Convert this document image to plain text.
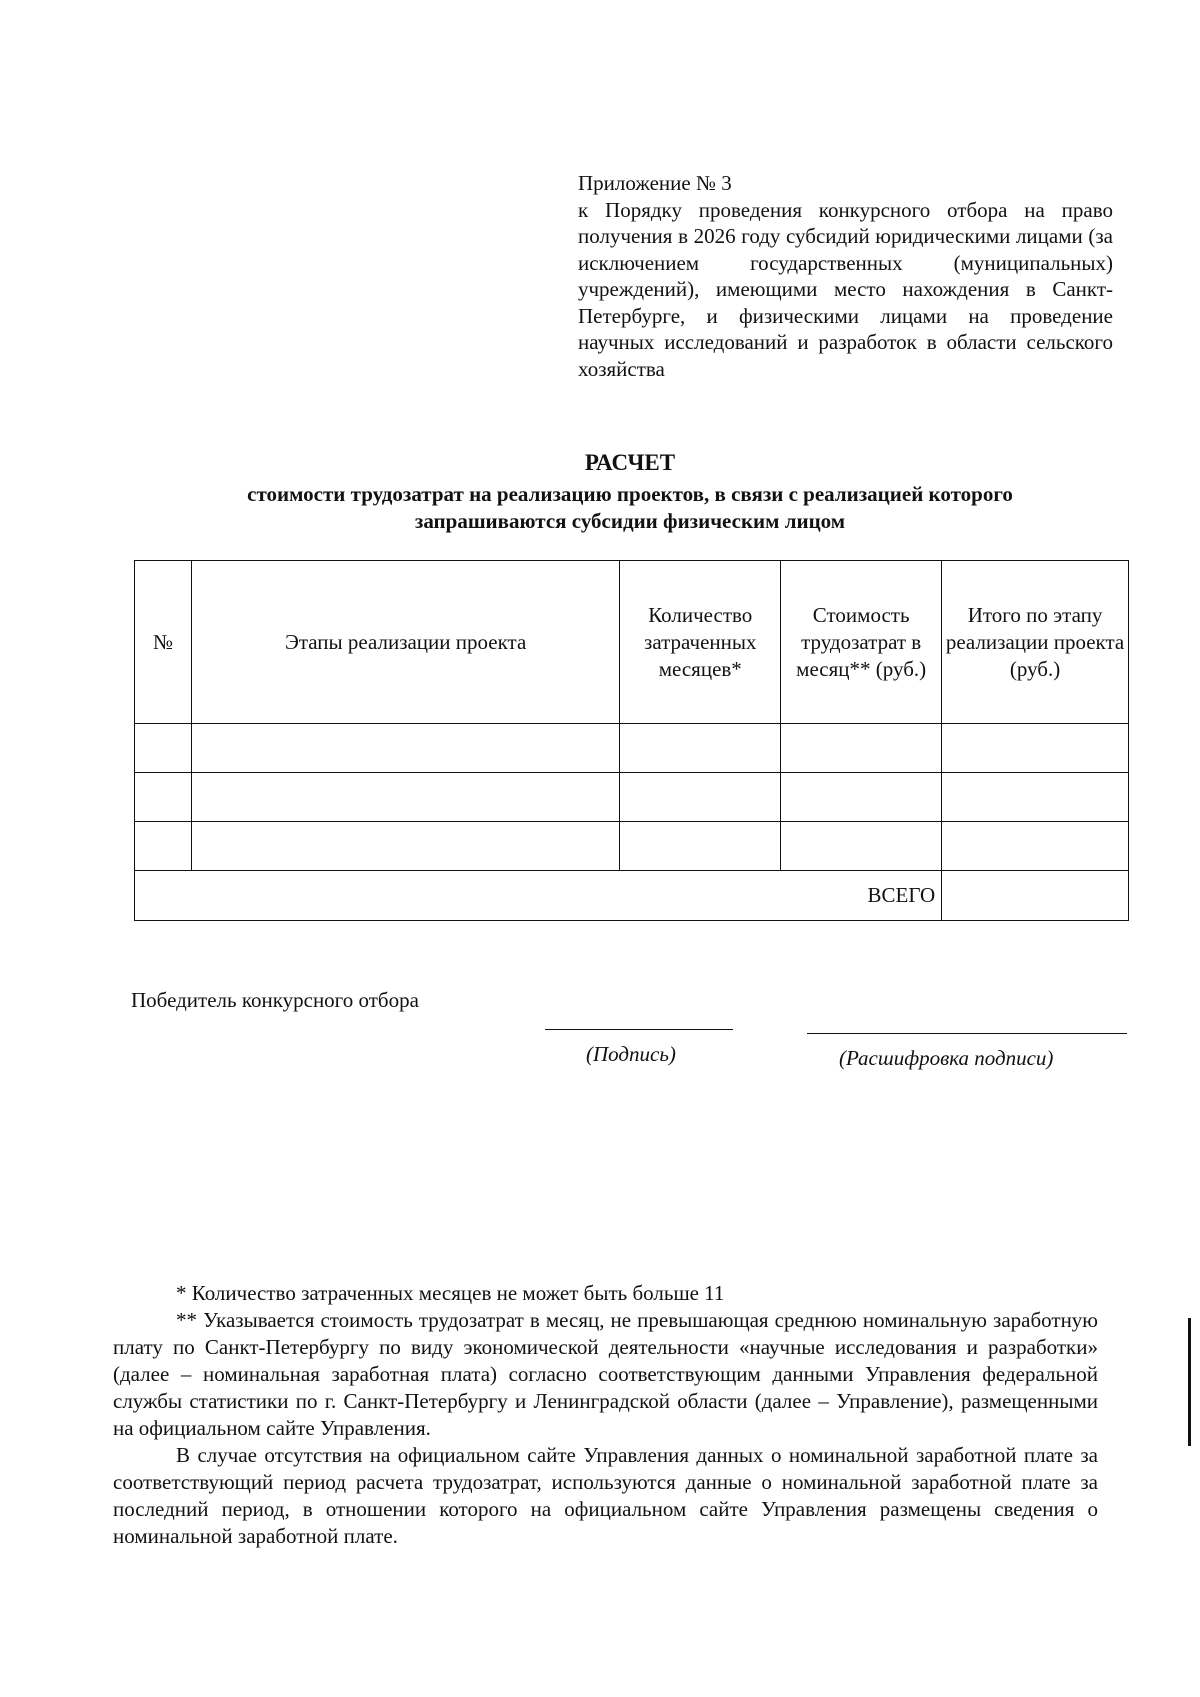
Приложение № 3

к Порядку проведения конкурсного отбора на право получения в 2026 году субсидий юридическими лицами (за исключением государственных (муниципальных) учреждений), имеющими место нахождения в Санкт-Петербурге, и физическими лицами на проведение научных исследований и разработок в области сельского хозяйства

РАСЧЕТ
стоимости трудозатрат на реализацию проектов, в связи с реализацией которого
запрашиваются субсидии физическим лицом
№	Этапы реализации проекта	Количество затраченных месяцев*	Стоимость трудозатрат в месяц** (руб.)	Итого по этапу реализации проекта (руб.)

ВСЕГО				
Победитель конкурсного отбора
(Подпись)	(Расшифровка подписи)

* Количество затраченных месяцев не может быть больше 11

** Указывается стоимость трудозатрат в месяц, не превышающая среднюю номинальную заработную плату по Санкт-Петербургу по виду экономической деятельности «научные исследования и разработки» (далее – номинальная заработная плата) согласно соответствующим данными Управления федеральной службы статистики по г. Санкт-Петербургу и Ленинградской области (далее – Управление), размещенными на официальном сайте Управления.

В случае отсутствия на официальном сайте Управления данных о номинальной заработной плате за соответствующий период расчета трудозатрат, используются данные о номинальной заработной плате за последний период, в отношении которого на официальном сайте Управления размещены сведения о номинальной заработной плате.
